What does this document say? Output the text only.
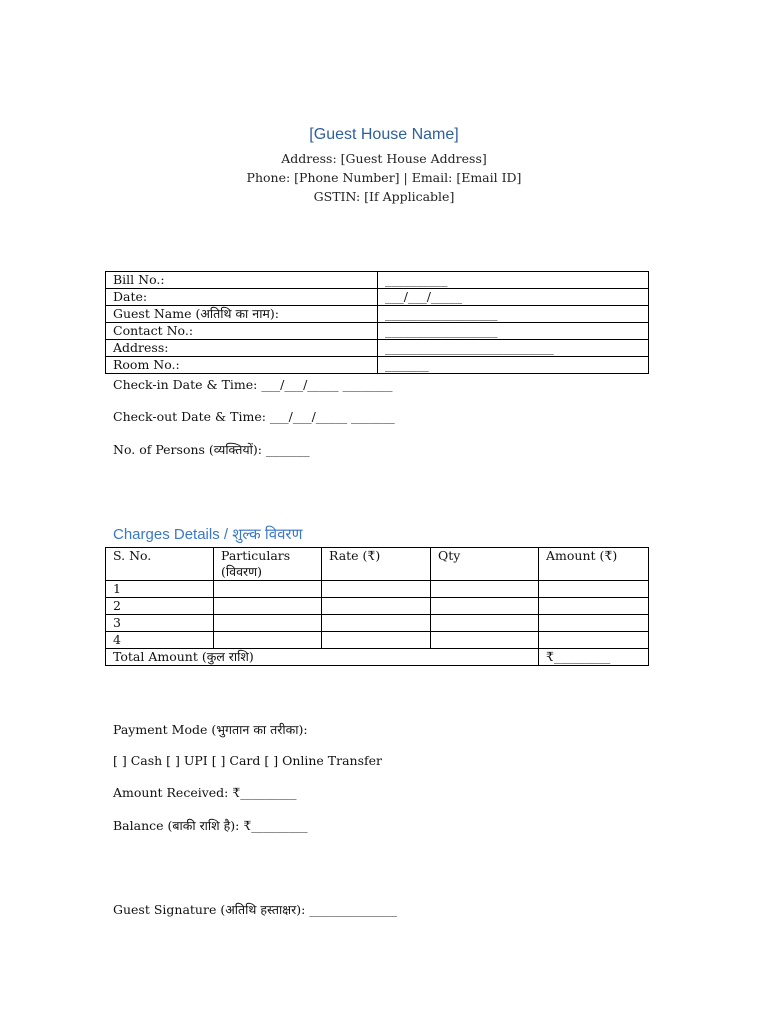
[Guest House Name]
Address: [Guest House Address]
Phone: [Phone Number] | Email: [Email ID]
GSTIN: [If Applicable]
Bill No.:	__________
Date:	___/___/_____
Guest Name (अतिथि का नाम):	__________________
Contact No.:	__________________
Address:	___________________________
Room No.:	_______
Check-in Date & Time: ___/___/_____ ________
Check-out Date & Time: ___/___/_____ _______
No. of Persons (व्यक्तियों): _______
Charges Details / शुल्क विवरण
S. No.	Particulars (विवरण)	Rate (₹)	Qty	Amount (₹)
1				
2				
3				
4				
Total Amount (कुल राशि)				₹_________
Payment Mode (भुगतान का तरीका):
[ ] Cash [ ] UPI [ ] Card [ ] Online Transfer
Amount Received: ₹_________
Balance (बाकी राशि है): ₹_________
Guest Signature (अतिथि हस्ताक्षर): ______________
